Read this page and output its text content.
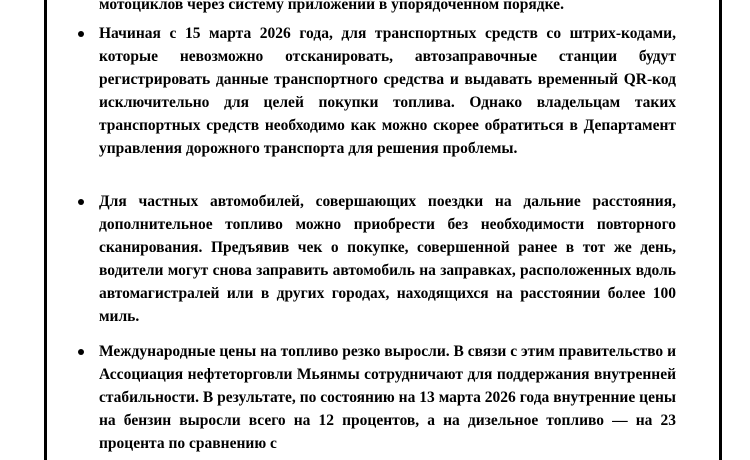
мотоциклов через систему приложений в упорядоченном порядке.

Начиная с 15 марта 2026 года, для транспортных средств со штрих-кодами, которые невозможно отсканировать, автозаправочные станции будут регистрировать данные транспортного средства и выдавать временный QR-код исключительно для целей покупки топлива. Однако владельцам таких транспортных средств необходимо как можно скорее обратиться в Департамент управления дорожного транспорта для решения проблемы.
Для частных автомобилей, совершающих поездки на дальние расстояния, дополнительное топливо можно приобрести без необходимости повторного сканирования. Предъявив чек о покупке, совершенной ранее в тот же день, водители могут снова заправить автомобиль на заправках, расположенных вдоль автомагистралей или в других городах, находящихся на расстоянии более 100 миль.
Международные цены на топливо резко выросли. В связи с этим правительство и Ассоциация нефтеторговли Мьянмы сотрудничают для поддержания внутренней стабильности. В результате, по состоянию на 13 марта 2026 года внутренние цены на бензин выросли всего на 12 процентов, а на дизельное топливо — на 23 процента по сравнению с
